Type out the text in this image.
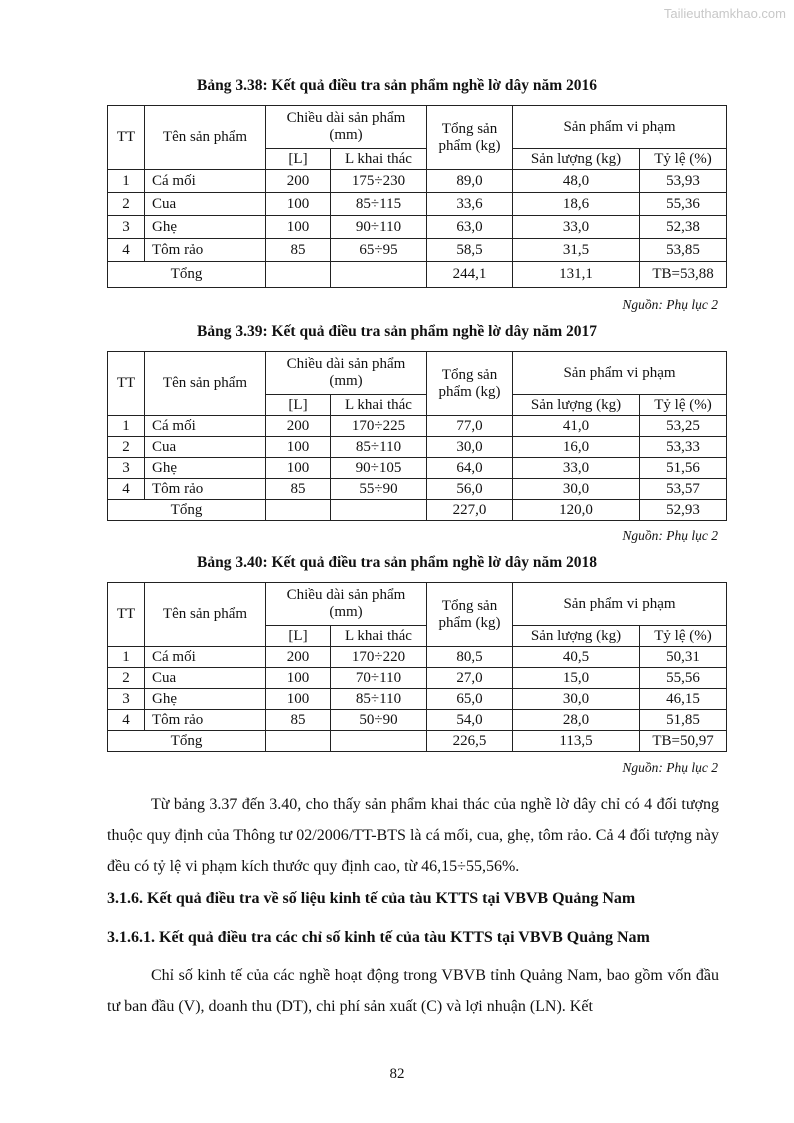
Tailieuthamkhao.com
Bảng 3.38: Kết quả điều tra sản phẩm nghề lờ dây năm 2016
TT	Tên sản phẩm	Chiều dài sản phẩm (mm)		Tổng sản phẩm (kg)	Sản phẩm vi phạm	
		[L]	L khai thác		Sản lượng (kg)	Tỷ lệ (%)
1	Cá mối	200	175÷230	89,0	48,0	53,93
2	Cua	100	85÷115	33,6	18,6	55,36
3	Ghẹ	100	90÷110	63,0	33,0	52,38
4	Tôm rảo	85	65÷95	58,5	31,5	53,85
Tổng				244,1	131,1	TB=53,88
Nguồn: Phụ lục 2
Bảng 3.39: Kết quả điều tra sản phẩm nghề lờ dây năm 2017
TT	Tên sản phẩm	Chiều dài sản phẩm (mm)		Tổng sản phẩm (kg)	Sản phẩm vi phạm	
		[L]	L khai thác		Sản lượng (kg)	Tỷ lệ (%)
1	Cá mối	200	170÷225	77,0	41,0	53,25
2	Cua	100	85÷110	30,0	16,0	53,33
3	Ghẹ	100	90÷105	64,0	33,0	51,56
4	Tôm rảo	85	55÷90	56,0	30,0	53,57
Tổng				227,0	120,0	52,93
Nguồn: Phụ lục 2
Bảng 3.40: Kết quả điều tra sản phẩm nghề lờ dây năm 2018
TT	Tên sản phẩm	Chiều dài sản phẩm (mm)		Tổng sản phẩm (kg)	Sản phẩm vi phạm	
		[L]	L khai thác		Sản lượng (kg)	Tỷ lệ (%)
1	Cá mối	200	170÷220	80,5	40,5	50,31
2	Cua	100	70÷110	27,0	15,0	55,56
3	Ghẹ	100	85÷110	65,0	30,0	46,15
4	Tôm rảo	85	50÷90	54,0	28,0	51,85
Tổng				226,5	113,5	TB=50,97
Nguồn: Phụ lục 2
Từ bảng 3.37 đến 3.40, cho thấy sản phẩm khai thác của nghề lờ dây chỉ có 4 đối tượng thuộc quy định của Thông tư 02/2006/TT-BTS là cá mối, cua, ghẹ, tôm rảo. Cả 4 đối tượng này đều có tỷ lệ vi phạm kích thước quy định cao, từ 46,15÷55,56%.
3.1.6. Kết quả điều tra về số liệu kinh tế của tàu KTTS tại VBVB Quảng Nam
3.1.6.1. Kết quả điều tra các chỉ số kinh tế của tàu KTTS tại VBVB Quảng Nam
Chỉ số kinh tế của các nghề hoạt động trong VBVB tỉnh Quảng Nam, bao gồm vốn đầu tư ban đầu (V), doanh thu (DT), chi phí sản xuất (C) và lợi nhuận (LN). Kết
82
